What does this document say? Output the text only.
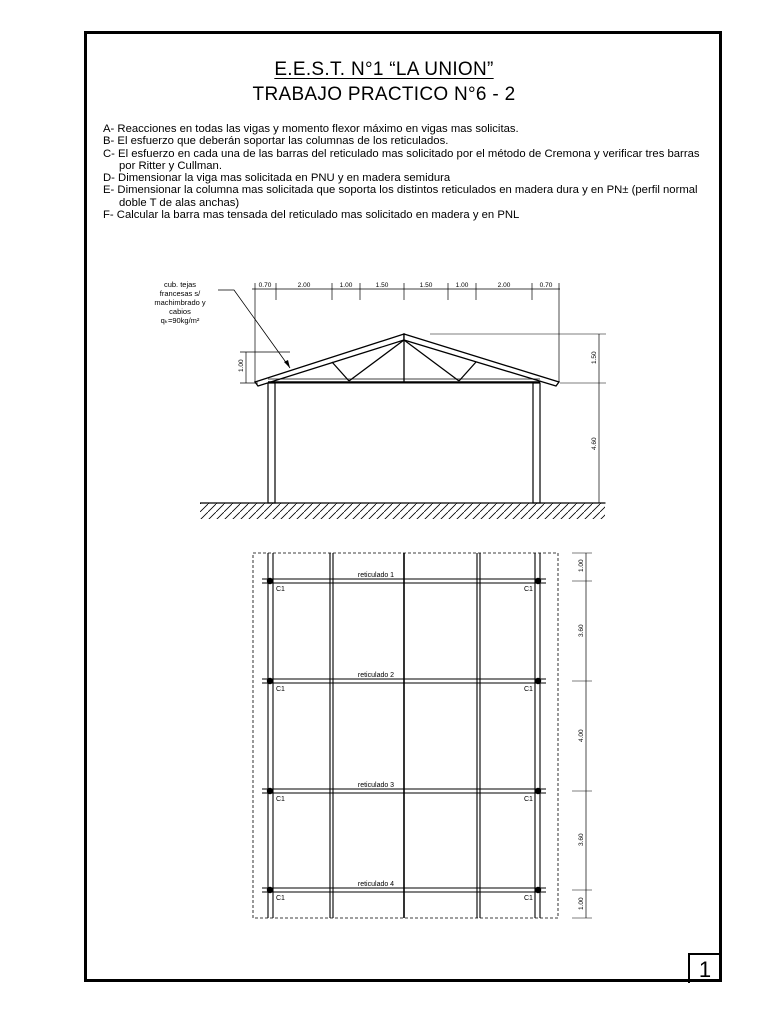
E.E.S.T. N°1 “LA UNION”
TRABAJO PRACTICO N°6 - 2

A- Reacciones en todas las vigas y momento flexor máximo en vigas mas solicitas.

B- El esfuerzo que deberán soportar las columnas de los reticulados.

C- El esfuerzo en cada una de las barras del reticulado mas solicitado por el método de Cremona y verificar tres barras por Ritter y Cullman.

D- Dimensionar la viga mas solicitada en PNU y en madera semidura

E- Dimensionar la columna mas solicitada que soporta los distintos reticulados en madera dura y en PN± (perfil normal doble T de alas anchas)

F- Calcular la barra mas tensada del reticulado mas solicitado en madera y en PNL

0.70	2.00	1.00	1.50	1.50	1.00	2.00	0.70
1.00
1.50
4.60
cub. tejas
francesas s/
machimbrado y
cabios
qₖ=90kg/m²
reticulado 1
reticulado 2
reticulado 3
reticulado 4
C1	C1
C1	C1
C1	C1
C1	C1
1.00
3.60
4.00
3.60
1.00
1
